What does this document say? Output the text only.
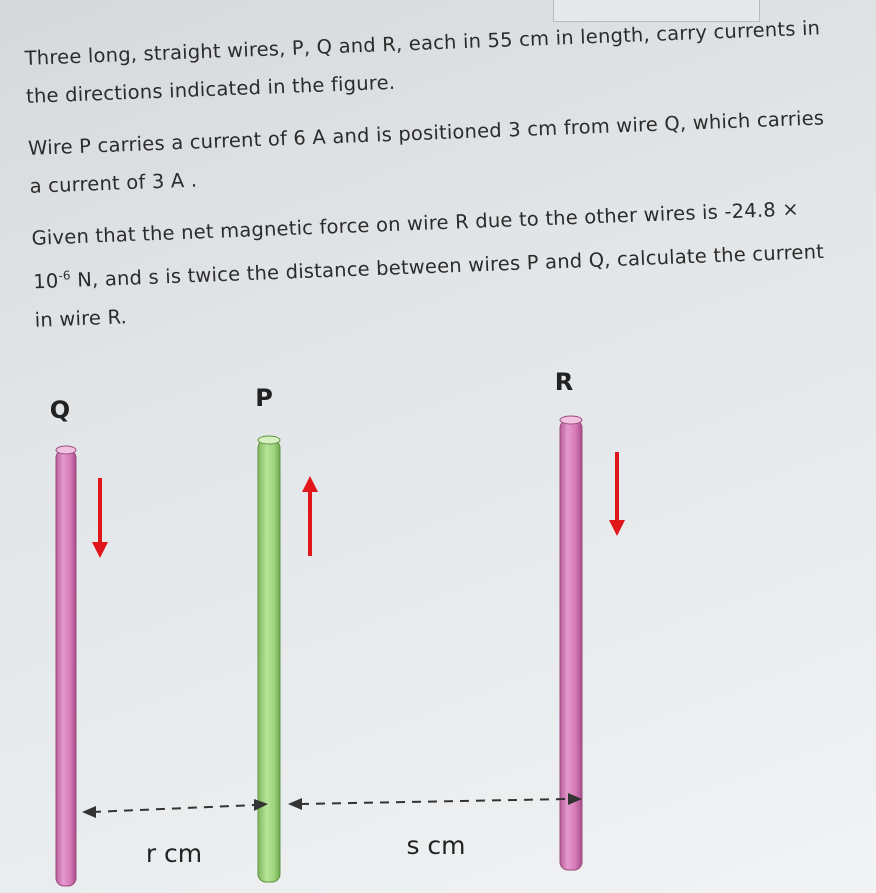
Three long, straight wires, P, Q and R, each in 55 cm in length, carry currents in the directions indicated in the figure.

Wire P carries a current of 6 A and is positioned 3 cm from wire Q, which carries a current of 3 A .

Given that the net magnetic force on wire R due to the other wires is $-24.8 \times 10^{-6}$ N, and s is twice the distance between wires P and Q, calculate the current in wire R.

Q	P
R
r cm	s cm
